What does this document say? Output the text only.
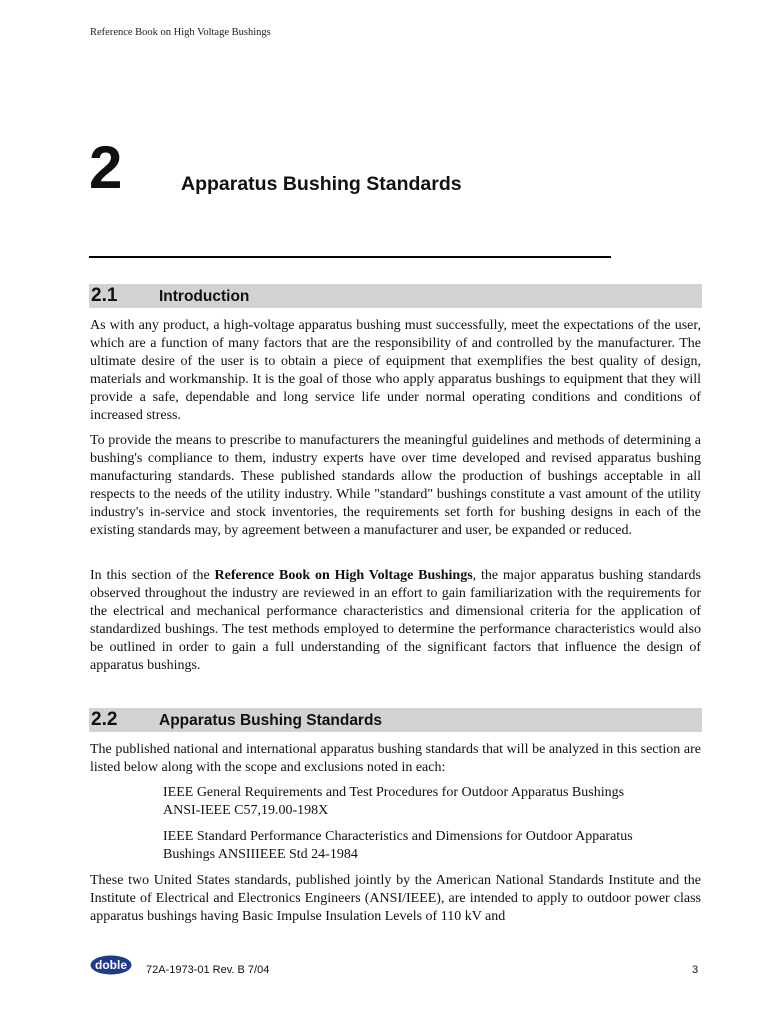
Reference Book on High Voltage Bushings
2	Apparatus Bushing Standards
2.1	Introduction

As with any product, a high-voltage apparatus bushing must successfully, meet the expectations of the user, which are a function of many factors that are the responsibility of and controlled by the manufacturer. The ultimate desire of the user is to obtain a piece of equipment that exemplifies the best quality of design, materials and workmanship. It is the goal of those who apply apparatus bushings to equipment that they will provide a safe, dependable and long service life under normal operating conditions and conditions of increased stress.

To provide the means to prescribe to manufacturers the meaningful guidelines and methods of determining a bushing's compliance to them, industry experts have over time developed and revised apparatus bushing manufacturing standards. These published standards allow the production of bushings acceptable in all respects to the needs of the utility industry. While "standard" bushings constitute a vast amount of the utility industry's in-service and stock inventories, the requirements set forth for bushing designs in each of the existing standards may, by agreement between a manufacturer and user, be expanded or reduced.

In this section of the Reference Book on High Voltage Bushings, the major apparatus bushing standards observed throughout the industry are reviewed in an effort to gain familiarization with the requirements for the electrical and mechanical performance characteristics and dimensional criteria for the application of standardized bushings. The test methods employed to determine the performance characteristics would also be outlined in order to gain a full understanding of the significant factors that influence the design of apparatus bushings.

2.2	Apparatus Bushing Standards

The published national and international apparatus bushing standards that will be analyzed in this section are listed below along with the scope and exclusions noted in each:

IEEE General Requirements and Test Procedures for Outdoor Apparatus Bushings
ANSI-IEEE C57,19.00-198X

IEEE Standard Performance Characteristics and Dimensions for Outdoor Apparatus
Bushings ANSIIIEEE Std 24-1984

These two United States standards, published jointly by the American National Standards Institute and the Institute of Electrical and Electronics Engineers (ANSI/IEEE), are intended to apply to outdoor power class apparatus bushings having Basic Impulse Insulation Levels of 110 kV and

doble 72A-1973-01 Rev. B 7/04	3
